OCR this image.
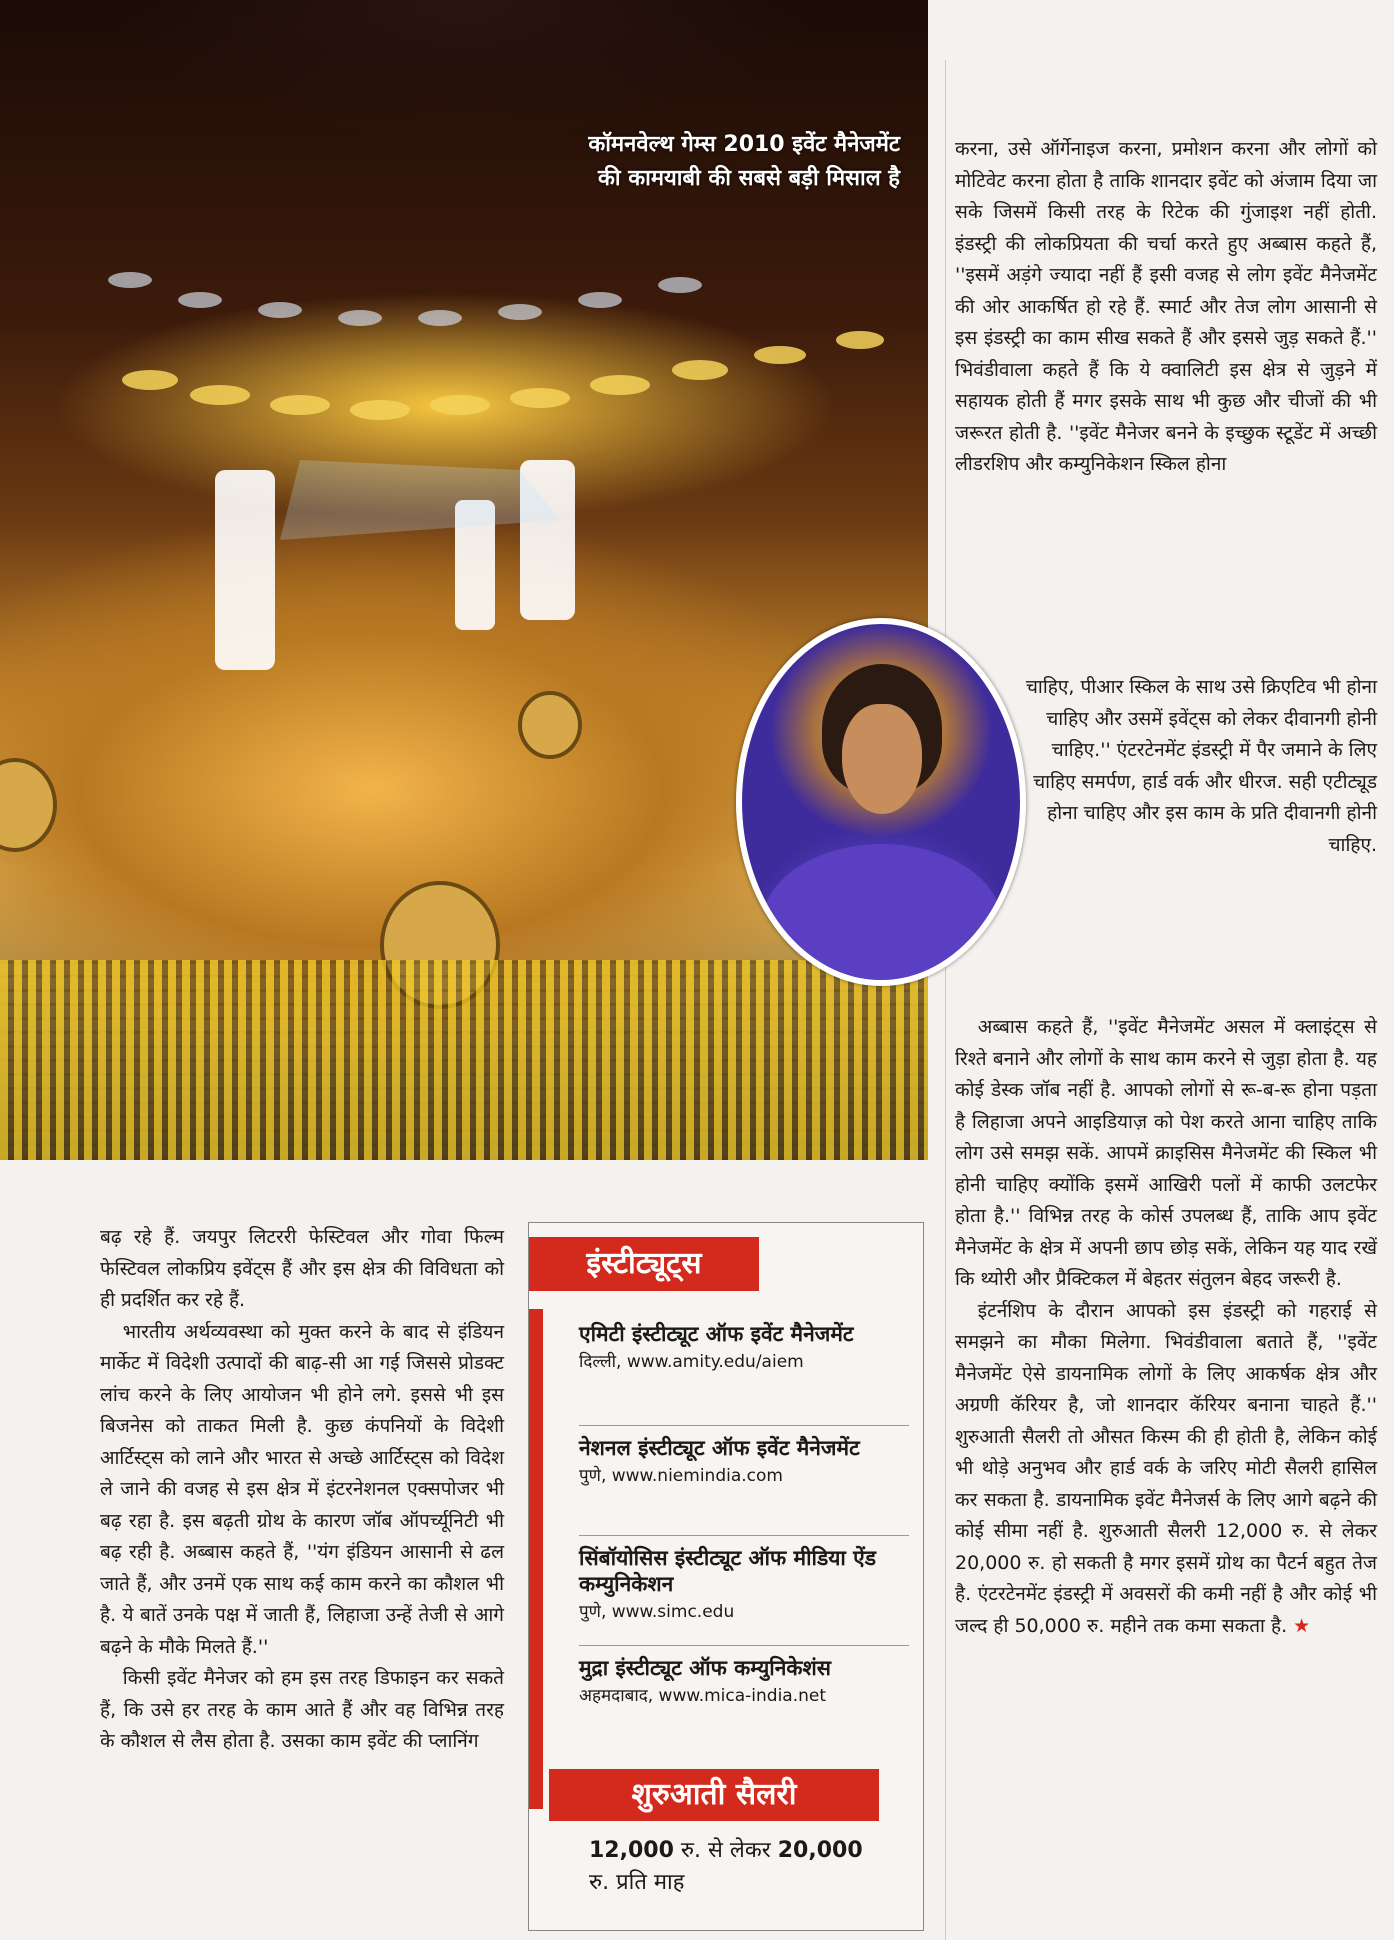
कॉमनवेल्थ गेम्स 2010 इवेंट मैनेजमेंट
की कामयाबी की सबसे बड़ी मिसाल है

करना, उसे ऑर्गेनाइज करना, प्रमोशन करना और लोगों को मोटिवेट करना होता है ताकि शानदार इवेंट को अंजाम दिया जा सके जिसमें किसी तरह के रिटेक की गुंजाइश नहीं होती. इंडस्ट्री की लोकप्रियता की चर्चा करते हुए अब्बास कहते हैं, ''इसमें अड़ंगे ज्यादा नहीं हैं इसी वजह से लोग इवेंट मैनेजमेंट की ओर आकर्षित हो रहे हैं. स्मार्ट और तेज लोग आसानी से इस इंडस्ट्री का काम सीख सकते हैं और इससे जुड़ सकते हैं.'' भिवंडीवाला कहते हैं कि ये क्वालिटी इस क्षेत्र से जुड़ने में सहायक होती हैं मगर इसके साथ भी कुछ और चीजों की भी जरूरत होती है. ''इवेंट मैनेजर बनने के इच्छुक स्टूडेंट में अच्छी लीडरशिप और कम्युनिकेशन स्किल होना

चाहिए, पीआर स्किल के साथ उसे क्रिएटिव भी होना चाहिए और उसमें इवेंट्स को लेकर दीवानगी होनी चाहिए.'' एंटरटेनमेंट इंडस्ट्री में पैर जमाने के लिए चाहिए समर्पण, हार्ड वर्क और धीरज. सही एटीट्यूड होना चाहिए और इस काम के प्रति दीवानगी होनी चाहिए.

अब्बास कहते हैं, ''इवेंट मैनेजमेंट असल में क्लाइंट्स से रिश्ते बनाने और लोगों के साथ काम करने से जुड़ा होता है. यह कोई डेस्क जॉब नहीं है. आपको लोगों से रू-ब-रू होना पड़ता है लिहाजा अपने आइडियाज़ को पेश करते आना चाहिए ताकि लोग उसे समझ सकें. आपमें क्राइसिस मैनेजमेंट की स्किल भी होनी चाहिए क्योंकि इसमें आखिरी पलों में काफी उलटफेर होता है.'' विभिन्न तरह के कोर्स उपलब्ध हैं, ताकि आप इवेंट मैनेजमेंट के क्षेत्र में अपनी छाप छोड़ सकें, लेकिन यह याद रखें कि थ्योरी और प्रैक्टिकल में बेहतर संतुलन बेहद जरूरी है.

इंटर्नशिप के दौरान आपको इस इंडस्ट्री को गहराई से समझने का मौका मिलेगा. भिवंडीवाला बताते हैं, ''इवेंट मैनेजमेंट ऐसे डायनामिक लोगों के लिए आकर्षक क्षेत्र और अग्रणी कॅरियर है, जो शानदार कॅरियर बनाना चाहते हैं.'' शुरुआती सैलरी तो औसत किस्म की ही होती है, लेकिन कोई भी थोड़े अनुभव और हार्ड वर्क के जरिए मोटी सैलरी हासिल कर सकता है. डायनामिक इवेंट मैनेजर्स के लिए आगे बढ़ने की कोई सीमा नहीं है. शुरुआती सैलरी 12,000 रु. से लेकर 20,000 रु. हो सकती है मगर इसमें ग्रोथ का पैटर्न बहुत तेज है. एंटरटेनमेंट इंडस्ट्री में अवसरों की कमी नहीं है और कोई भी जल्द ही 50,000 रु. महीने तक कमा सकता है. ★

बढ़ रहे हैं. जयपुर लिटररी फेस्टिवल और गोवा फिल्म फेस्टिवल लोकप्रिय इवेंट्स हैं और इस क्षेत्र की विविधता को ही प्रदर्शित कर रहे हैं.

भारतीय अर्थव्यवस्था को मुक्त करने के बाद से इंडियन मार्केट में विदेशी उत्पादों की बाढ़-सी आ गई जिससे प्रोडक्ट लांच करने के लिए आयोजन भी होने लगे. इससे भी इस बिजनेस को ताकत मिली है. कुछ कंपनियों के विदेशी आर्टिस्ट्स को लाने और भारत से अच्छे आर्टिस्ट्स को विदेश ले जाने की वजह से इस क्षेत्र में इंटरनेशनल एक्सपोजर भी बढ़ रहा है. इस बढ़ती ग्रोथ के कारण जॉब ऑपर्च्यूनिटी भी बढ़ रही है. अब्बास कहते हैं, ''यंग इंडियन आसानी से ढल जाते हैं, और उनमें एक साथ कई काम करने का कौशल भी है. ये बातें उनके पक्ष में जाती हैं, लिहाजा उन्हें तेजी से आगे बढ़ने के मौके मिलते हैं.''

किसी इवेंट मैनेजर को हम इस तरह डिफाइन कर सकते हैं, कि उसे हर तरह के काम आते हैं और वह विभिन्न तरह के कौशल से लैस होता है. उसका काम इवेंट की प्लानिंग

इंस्टीट्यूट्स
एमिटी इंस्टीट्यूट ऑफ इवेंट मैनेजमेंट
दिल्ली, www.amity.edu/aiem
नेशनल इंस्टीट्यूट ऑफ इवेंट मैनेजमेंट
पुणे, www.niemindia.com
सिंबॉयोसिस इंस्टीट्यूट ऑफ मीडिया ऐंड कम्युनिकेशन
पुणे, www.simc.edu
मुद्रा इंस्टीट्यूट ऑफ कम्युनिकेशंस
अहमदाबाद, www.mica-india.net
शुरुआती सैलरी
12,000 रु. से लेकर 20,000
रु. प्रति माह
